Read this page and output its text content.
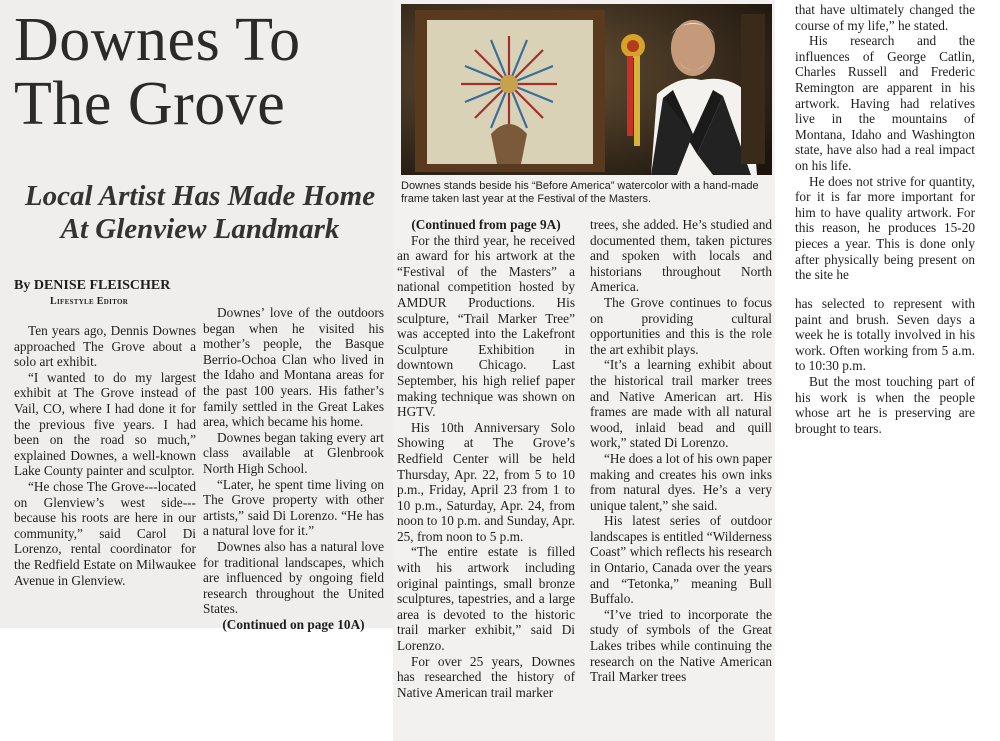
Downes To The Grove
Local Artist Has Made Home At Glenview Landmark

By DENISE FLEISCHER

Lifestyle Editor

Ten years ago, Dennis Downes approached The Grove about a solo art exhibit.

“I wanted to do my largest exhibit at The Grove instead of Vail, CO, where I had done it for the previous five years. I had been on the road so much,” explained Downes, a well-known Lake County painter and sculptor.

“He chose The Grove---located on Glenview’s west side---because his roots are here in our community,” said Carol Di Lorenzo, rental coordinator for the Redfield Estate on Milwaukee Avenue in Glenview.

Downes’ love of the outdoors began when he visited his mother’s people, the Basque Berrio-Ochoa Clan who lived in the Idaho and Montana areas for the past 100 years. His father’s family settled in the Great Lakes area, which became his home.

Downes began taking every art class available at Glenbrook North High School.

“Later, he spent time living on The Grove property with other artists,” said Di Lorenzo. “He has a natural love for it.”

Downes also has a natural love for traditional landscapes, which are influenced by ongoing field research throughout the United States.

(Continued on page 10A)

Downes stands beside his “Before America” watercolor with a hand-made frame taken last year at the Festival of the Masters.

(Continued from page 9A)

For the third year, he received an award for his artwork at the “Festival of the Masters” a national competition hosted by AMDUR Productions. His sculpture, “Trail Marker Tree” was accepted into the Lakefront Sculpture Exhibition in downtown Chicago. Last September, his high relief paper making technique was shown on HGTV.

His 10th Anniversary Solo Showing at The Grove’s Redfield Center will be held Thursday, Apr. 22, from 5 to 10 p.m., Friday, April 23 from 1 to 10 p.m., Saturday, Apr. 24, from noon to 10 p.m. and Sunday, Apr. 25, from noon to 5 p.m.

“The entire estate is filled with his artwork including original paintings, small bronze sculptures, tapestries, and a large area is devoted to the historic trail marker exhibit,” said Di Lorenzo.

For over 25 years, Downes has researched the history of Native American trail marker

trees, she added. He’s studied and documented them, taken pictures and spoken with locals and historians throughout North America.

The Grove continues to focus on providing cultural opportunities and this is the role the art exhibit plays.

“It’s a learning exhibit about the historical trail marker trees and Native American art. His frames are made with all natural wood, inlaid bead and quill work,” stated Di Lorenzo.

“He does a lot of his own paper making and creates his own inks from natural dyes. He’s a very unique talent,” she said.

His latest series of outdoor landscapes is entitled “Wilderness Coast” which reflects his research in Ontario, Canada over the years and “Tetonka,” meaning Bull Buffalo.

“I’ve tried to incorporate the study of symbols of the Great Lakes tribes while continuing the research on the Native American Trail Marker trees

that have ultimately changed the course of my life,” he stated.

His research and the influences of George Catlin, Charles Russell and Frederic Remington are apparent in his artwork. Having had relatives live in the mountains of Montana, Idaho and Washington state, have also had a real impact on his life.

He does not strive for quantity, for it is far more important for him to have quality artwork. For this reason, he produces 15-20 pieces a year. This is done only after physically being present on the site he

has selected to represent with paint and brush. Seven days a week he is totally involved in his work. Often working from 5 a.m. to 10:30 p.m.

But the most touching part of his work is when the people whose art he is preserving are brought to tears.
